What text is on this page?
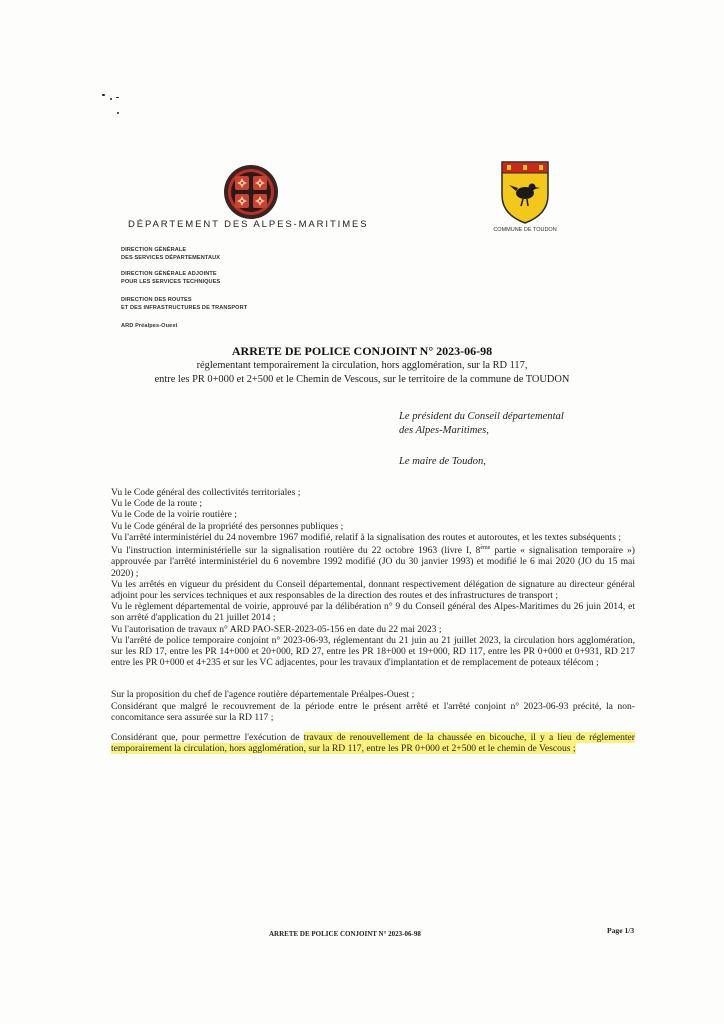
DÉPARTEMENT DES ALPES-MARITIMES	COMMUNE DE TOUDON
DIRECTION GÉNÉRALE
DES SERVICES DÉPARTEMENTAUX
DIRECTION GÉNÉRALE ADJOINTE
POUR LES SERVICES TECHNIQUES
DIRECTION DES ROUTES
ET DES INFRASTRUCTURES DE TRANSPORT
ARD Préalpes-Ouest
ARRETE DE POLICE CONJOINT N° 2023-06-98
réglementant temporairement la circulation, hors agglomération, sur la RD 117,
entre les PR 0+000 et 2+500 et le Chemin de Vescous, sur le territoire de la commune de TOUDON
Le président du Conseil départemental
des Alpes-Maritimes,
Le maire de Toudon,

Vu le Code général des collectivités territoriales ;

Vu le Code de la route ;

Vu le Code de la voirie routière ;

Vu le Code général de la propriété des personnes publiques ;

Vu l'arrêté interministériel du 24 novembre 1967 modifié, relatif à la signalisation des routes et autoroutes, et les textes subséquents ;

Vu l'instruction interministérielle sur la signalisation routière du 22 octobre 1963 (livre I, 8ème partie « signalisation temporaire ») approuvée par l'arrêté interministériel du 6 novembre 1992 modifié (JO du 30 janvier 1993) et modifié le 6 mai 2020 (JO du 15 mai 2020) ;

Vu les arrêtés en vigueur du président du Conseil départemental, donnant respectivement délégation de signature au directeur général adjoint pour les services techniques et aux responsables de la direction des routes et des infrastructures de transport ;

Vu le règlement départemental de voirie, approuvé par la délibération n° 9 du Conseil général des Alpes-Maritimes du 26 juin 2014, et son arrêté d'application du 21 juillet 2014 ;

Vu l'autorisation de travaux n° ARD PAO-SER-2023-05-156 en date du 22 mai 2023 ;

Vu l'arrêté de police temporaire conjoint n° 2023-06-93, réglementant du 21 juin au 21 juillet 2023, la circulation hors agglomération, sur les RD 17, entre les PR 14+000 et 20+000, RD 27, entre les PR 18+000 et 19+000, RD 117, entre les PR 0+000 et 0+931, RD 217 entre les PR 0+000 et 4+235 et sur les VC adjacentes, pour les travaux d'implantation et de remplacement de poteaux télécom ;

Sur la proposition du chef de l'agence routière départementale Préalpes-Ouest ;

Considérant que malgré le recouvrement de la période entre le présent arrêté et l'arrêté conjoint n° 2023-06-93 précité, la non-concomitance sera assurée sur la RD 117 ;

Considérant que, pour permettre l'exécution de travaux de renouvellement de la chaussée en bicouche, il y a lieu de réglementer temporairement la circulation, hors agglomération, sur la RD 117, entre les PR 0+000 et 2+500 et le chemin de Vescous ;

ARRETE DE POLICE CONJOINT N° 2023-06-98	Page 1/3
